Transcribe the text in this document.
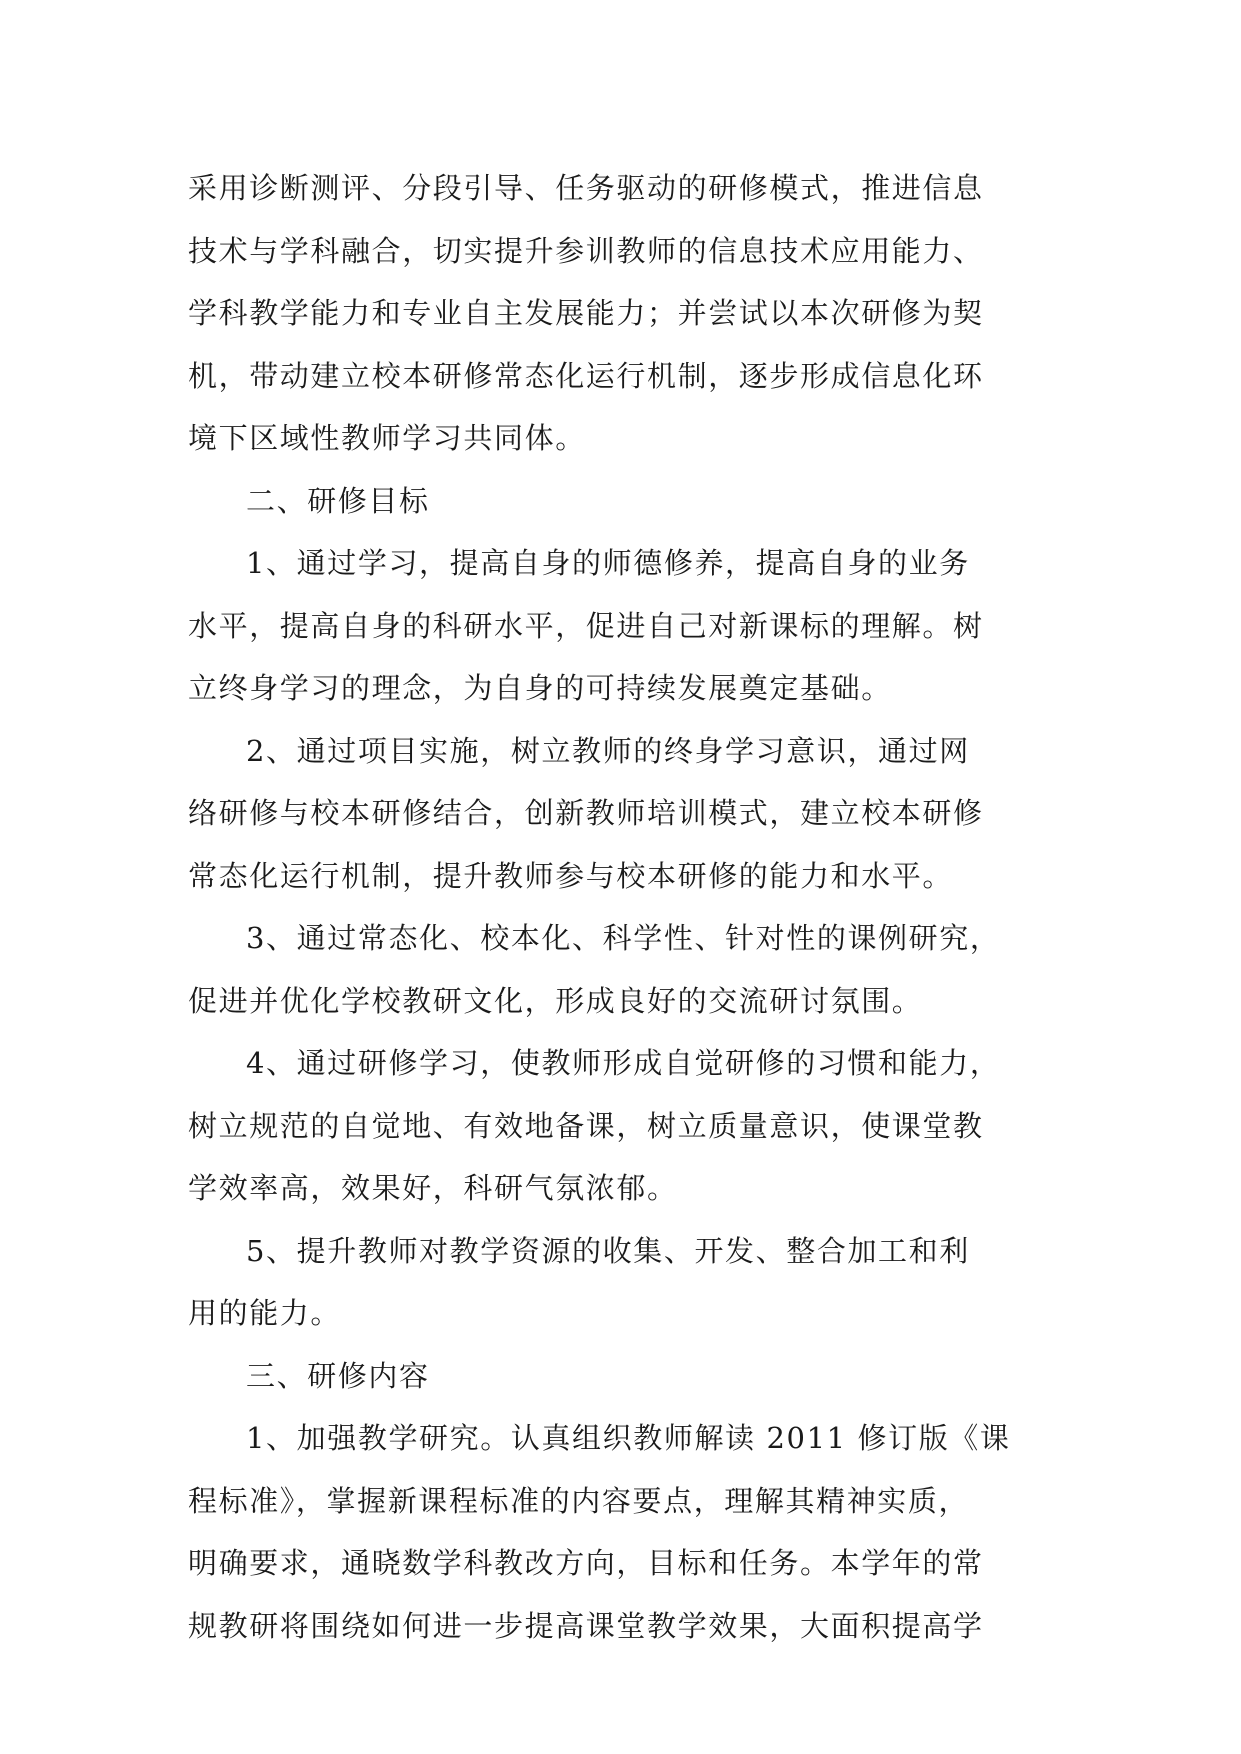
采用诊断测评、分段引导、任务驱动的研修模式，推进信息
技术与学科融合，切实提升参训教师的信息技术应用能力、
学科教学能力和专业自主发展能力；并尝试以本次研修为契
机，带动建立校本研修常态化运行机制，逐步形成信息化环
境下区域性教师学习共同体。
二、研修目标
1、通过学习，提高自身的师德修养，提高自身的业务
水平，提高自身的科研水平，促进自己对新课标的理解。树
立终身学习的理念，为自身的可持续发展奠定基础。
2、通过项目实施，树立教师的终身学习意识，通过网
络研修与校本研修结合，创新教师培训模式，建立校本研修
常态化运行机制，提升教师参与校本研修的能力和水平。
3、通过常态化、校本化、科学性、针对性的课例研究，
促进并优化学校教研文化，形成良好的交流研讨氛围。
4、通过研修学习，使教师形成自觉研修的习惯和能力，
树立规范的自觉地、有效地备课，树立质量意识，使课堂教
学效率高，效果好，科研气氛浓郁。
5、提升教师对教学资源的收集、开发、整合加工和利
用的能力。
三、研修内容
1、加强教学研究。认真组织教师解读 2011 修订版《课
程标准》，掌握新课程标准的内容要点，理解其精神实质，
明确要求，通晓数学科教改方向，目标和任务。本学年的常
规教研将围绕如何进一步提高课堂教学效果，大面积提高学
